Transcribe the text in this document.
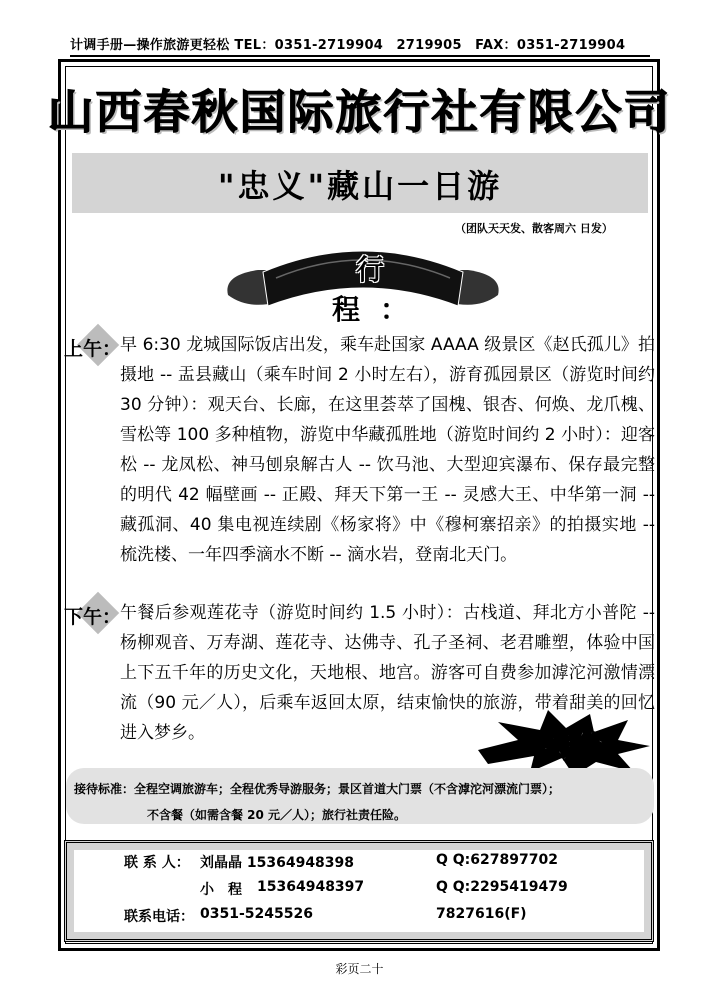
计调手册—操作旅游更轻松 TEL：0351-2719904　2719905　FAX：0351-2719904
山西春秋国际旅行社有限公司
"忠义"藏山一日游
（团队天天发、散客周六 日发）
行 程：
上午：
早 6:30 龙城国际饭店出发，乘车赴国家 AAAA 级景区《赵氏孤儿》拍摄地 -- 盂县藏山（乘车时间 2 小时左右），游育孤园景区（游览时间约 30 分钟）：观天台、长廊，在这里荟萃了国槐、银杏、何焕、龙爪槐、雪松等 100 多种植物，游览中华藏孤胜地（游览时间约 2 小时）：迎客松 -- 龙凤松、神马刨泉解古人 -- 饮马池、大型迎宾瀑布、保存最完整的明代 42 幅壁画 -- 正殿、拜天下第一王 -- 灵感大王、中华第一洞 -- 藏孤洞、40 集电视连续剧《杨家将》中《穆柯寨招亲》的拍摄实地 -- 梳洗楼、一年四季滴水不断 -- 滴水岩，登南北天门。
下午：
午餐后参观莲花寺（游览时间约 1.5 小时）：古栈道、拜北方小普陀 -- 杨柳观音、万寿湖、莲花寺、达佛寺、孔子圣祠、老君雕塑，体验中国上下五千年的历史文化，天地根、地宫。游客可自费参加滹沱河激情漂流（90 元／人），后乘车返回太原，结束愉快的旅游，带着甜美的回忆进入梦乡。	特价
接待标准：全程空调旅游车；全程优秀导游服务；景区首道大门票（不含滹沱河漂流门票）；
不含餐（如需含餐 20 元／人）；旅行社责任险。
联 系 人： 刘晶晶 15364948398
小　程 15364948397
联系电话： 0351-5245526
Q Q:627897702
Q Q:2295419479
7827616(F)
彩页二十
